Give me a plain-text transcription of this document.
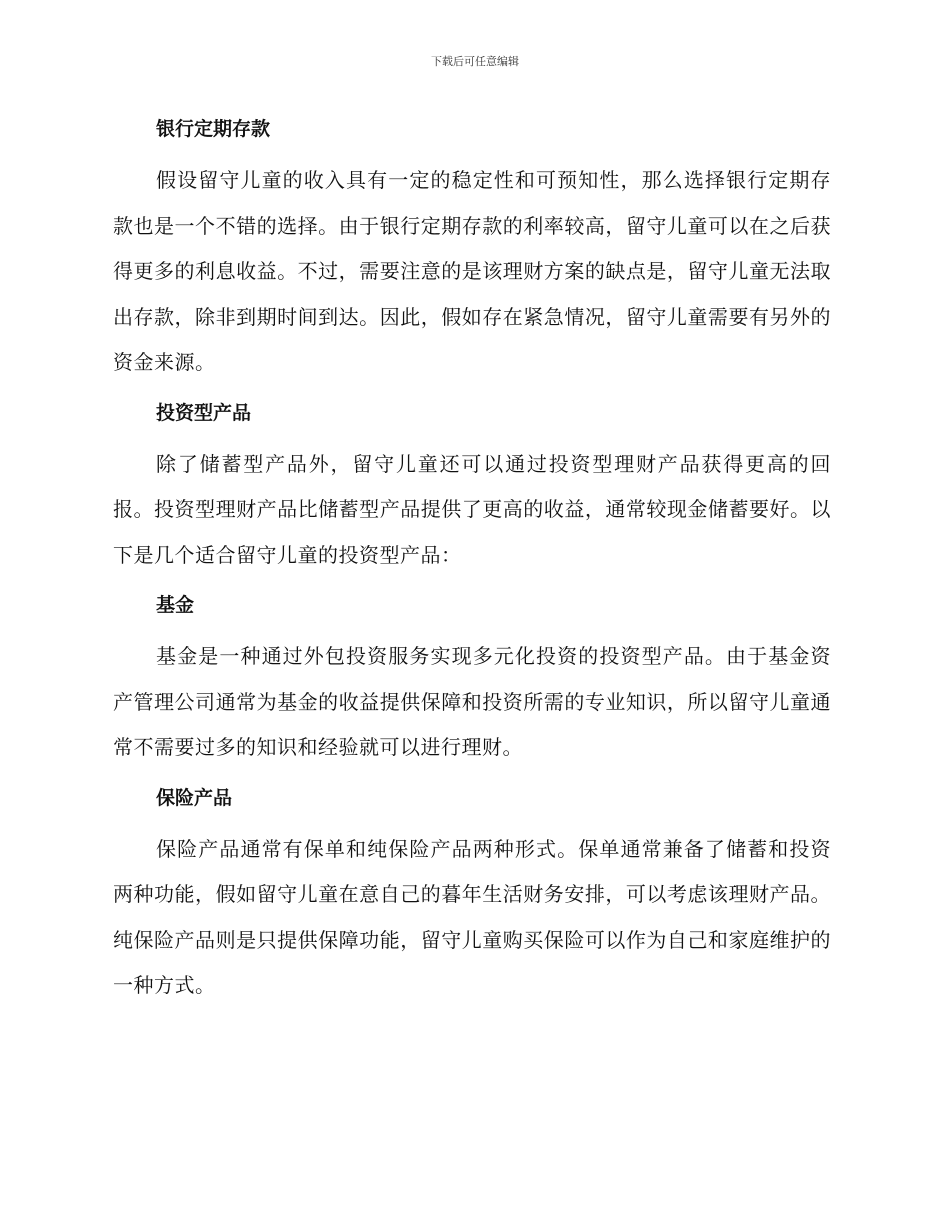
下载后可任意编辑
银行定期存款

假设留守儿童的收入具有一定的稳定性和可预知性，那么选择银行定期存款也是一个不错的选择。由于银行定期存款的利率较高，留守儿童可以在之后获得更多的利息收益。不过，需要注意的是该理财方案的缺点是，留守儿童无法取出存款，除非到期时间到达。因此，假如存在紧急情况，留守儿童需要有另外的资金来源。

投资型产品

除了储蓄型产品外，留守儿童还可以通过投资型理财产品获得更高的回报。投资型理财产品比储蓄型产品提供了更高的收益，通常较现金储蓄要好。以下是几个适合留守儿童的投资型产品：

基金

基金是一种通过外包投资服务实现多元化投资的投资型产品。由于基金资产管理公司通常为基金的收益提供保障和投资所需的专业知识，所以留守儿童通常不需要过多的知识和经验就可以进行理财。

保险产品

保险产品通常有保单和纯保险产品两种形式。保单通常兼备了储蓄和投资两种功能，假如留守儿童在意自己的暮年生活财务安排，可以考虑该理财产品。纯保险产品则是只提供保障功能，留守儿童购买保险可以作为自己和家庭维护的一种方式。
